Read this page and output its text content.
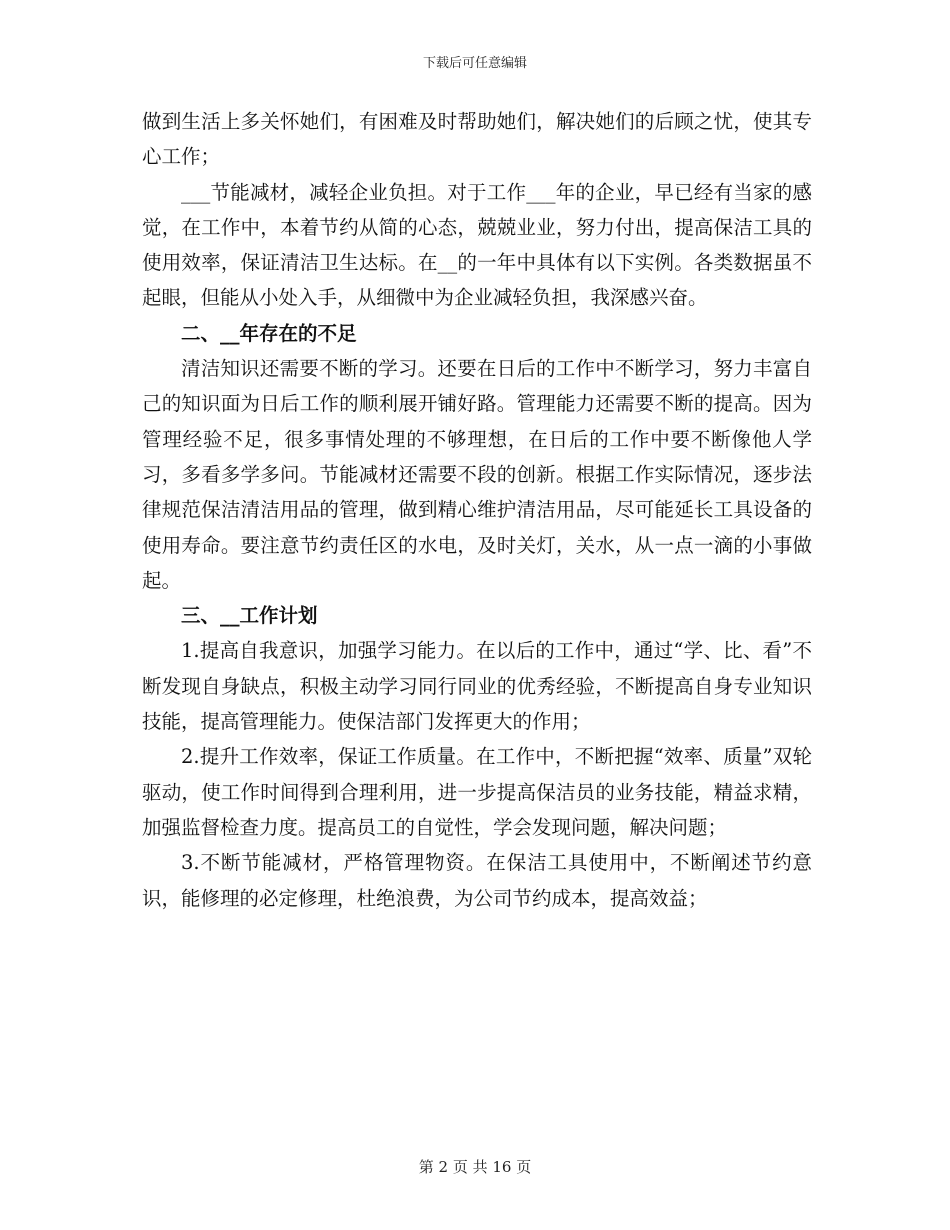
下载后可任意编辑

做到生活上多关怀她们，有困难及时帮助她们，解决她们的后顾之忧，使其专心工作；

___节能减材，减轻企业负担。对于工作___年的企业，早已经有当家的感觉，在工作中，本着节约从简的心态，兢兢业业，努力付出，提高保洁工具的使用效率，保证清洁卫生达标。在__的一年中具体有以下实例。各类数据虽不起眼，但能从小处入手，从细微中为企业减轻负担，我深感兴奋。

二、__年存在的不足

清洁知识还需要不断的学习。还要在日后的工作中不断学习，努力丰富自己的知识面为日后工作的顺利展开铺好路。管理能力还需要不断的提高。因为管理经验不足，很多事情处理的不够理想，在日后的工作中要不断像他人学习，多看多学多问。节能减材还需要不段的创新。根据工作实际情况，逐步法律规范保洁清洁用品的管理，做到精心维护清洁用品，尽可能延长工具设备的使用寿命。要注意节约责任区的水电，及时关灯，关水，从一点一滴的小事做起。

三、__工作计划

1.提高自我意识，加强学习能力。在以后的工作中，通过“学、比、看”不断发现自身缺点，积极主动学习同行同业的优秀经验，不断提高自身专业知识技能，提高管理能力。使保洁部门发挥更大的作用；

2.提升工作效率，保证工作质量。在工作中，不断把握“效率、质量”双轮驱动，使工作时间得到合理利用，进一步提高保洁员的业务技能，精益求精，加强监督检查力度。提高员工的自觉性，学会发现问题，解决问题；

3.不断节能减材，严格管理物资。在保洁工具使用中，不断阐述节约意识，能修理的必定修理，杜绝浪费，为公司节约成本，提高效益；

第 2 页 共 16 页
